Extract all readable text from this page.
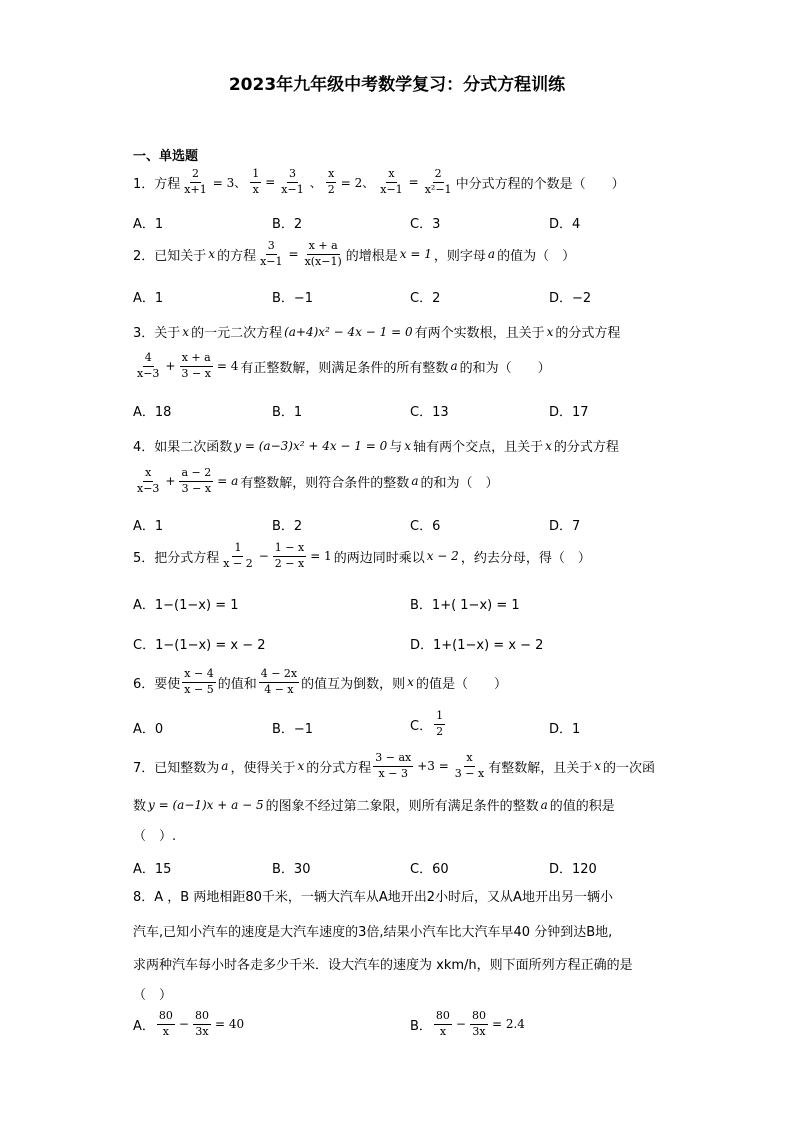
2023年九年级中考数学复习：分式方程训练
一、单选题
1．方程 $\frac{2}{x+1} = 3$、 $\frac{1}{x} = \frac{3}{x-1}$ 、 $\frac{x}{2} = 2$、 $\frac{x}{x-1} = \frac{2}{\text{x²−1}}$ 中分式方程的个数是（　　）
A．1	B．2	C．3	D．4
2．已知关于 x 的方程 $\frac{3}{x-1} = \frac{x + a}{x(x-1)}$ 的增根是 x = 1 ，则字母 a 的值为（　）
A．1	B．−1	C．2	D．−2
3．关于 x 的一元二次方程 (a+4)x² − 4x − 1 = 0 有两个实数根，且关于 x 的分式方程
$\frac{4}{x-3} + \frac{x + a}{3 - x} = 4$ 有正整数解，则满足条件的所有整数 a 的和为（　　）
A．18	B．1	C．13	D．17
4．如果二次函数 y = (a−3)x² + 4x − 1 = 0 与 x 轴有两个交点，且关于 x 的分式方程
$\frac{x}{x-3} + \frac{a - 2}{3 - x} = a$ 有整数解，则符合条件的整数 a 的和为（　）
A．1	B．2	C．6	D．7
5．把分式方程 $\frac{1}{x - 2} - \frac{1 - x}{2 - x} = 1$ 的两边同时乘以 x − 2 ，约去分母，得（　）
A．1−(1−x) = 1	B．1+( 1−x) = 1
C．1−(1−x) = x − 2	D．1+(1−x) = x − 2
6．要使 $\frac{x - 4}{x - 5}$ 的值和 $\frac{4 - 2x}{4 - x}$ 的值互为倒数，则 x 的值是（　　）
A．0	B．−1	C． $\frac{1}{2}$	D．1
7．已知整数为 a ，使得关于 x 的分式方程 $\frac{3 - ax}{x - 3} +3 = \frac{x}{3 - x}$ 有整数解，且关于 x 的一次函
数 y = (a−1)x + a − 5 的图象不经过第二象限，则所有满足条件的整数 a 的值的积是
（　）.
A．15	B．30	C．60	D．120
8．A ，B 两地相距80千米，一辆大汽车从A地开出2小时后，又从A地开出另一辆小
汽车,已知小汽车的速度是大汽车速度的3倍,结果小汽车比大汽车早40 分钟到达B地,
求两种汽车每小时各走多少千米．设大汽车的速度为 xkm/h，则下面所列方程正确的是
（　）
A． $\frac{80}{x} - \frac{80}{3x} = 40$	B． $\frac{80}{x} - \frac{80}{3x} = 2.4$
